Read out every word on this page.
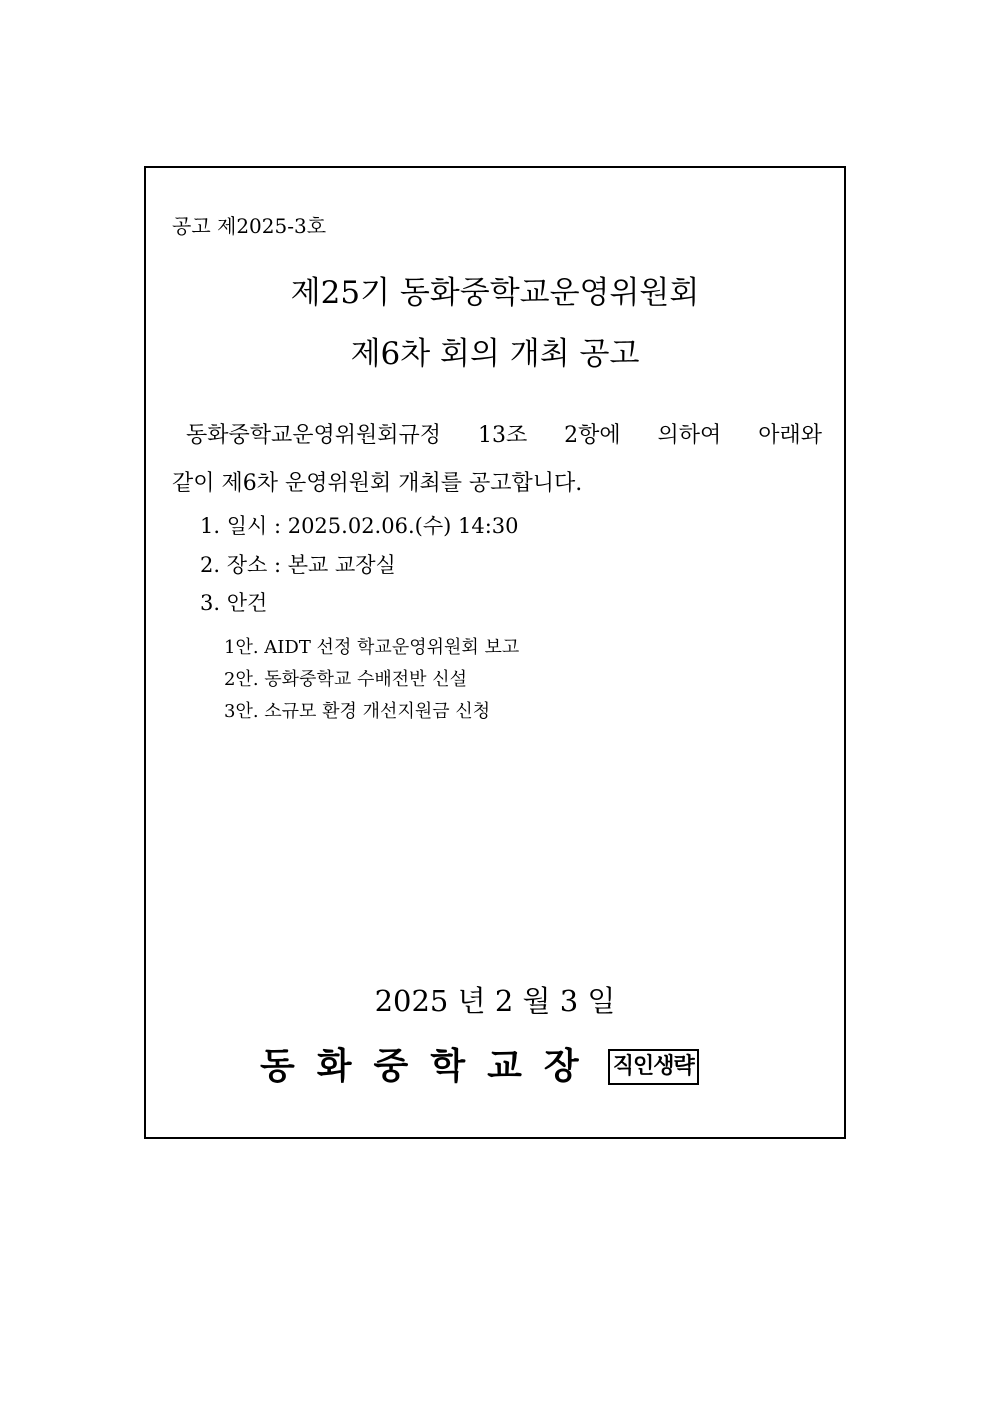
공고 제2025-3호
제25기 동화중학교운영위원회
제6차 회의 개최 공고
동화중학교운영위원회규정 13조 2항에 의하여 아래와
같이 제6차 운영위원회 개최를 공고합니다.
1. 일시 : 2025.02.06.(수) 14:30
2. 장소 : 본교 교장실
3. 안건
1안. AIDT 선정 학교운영위원회 보고
2안. 동화중학교 수배전반 신설
3안. 소규모 환경 개선지원금 신청
2025 년 2 월 3 일
동화중학교장 직인생략
